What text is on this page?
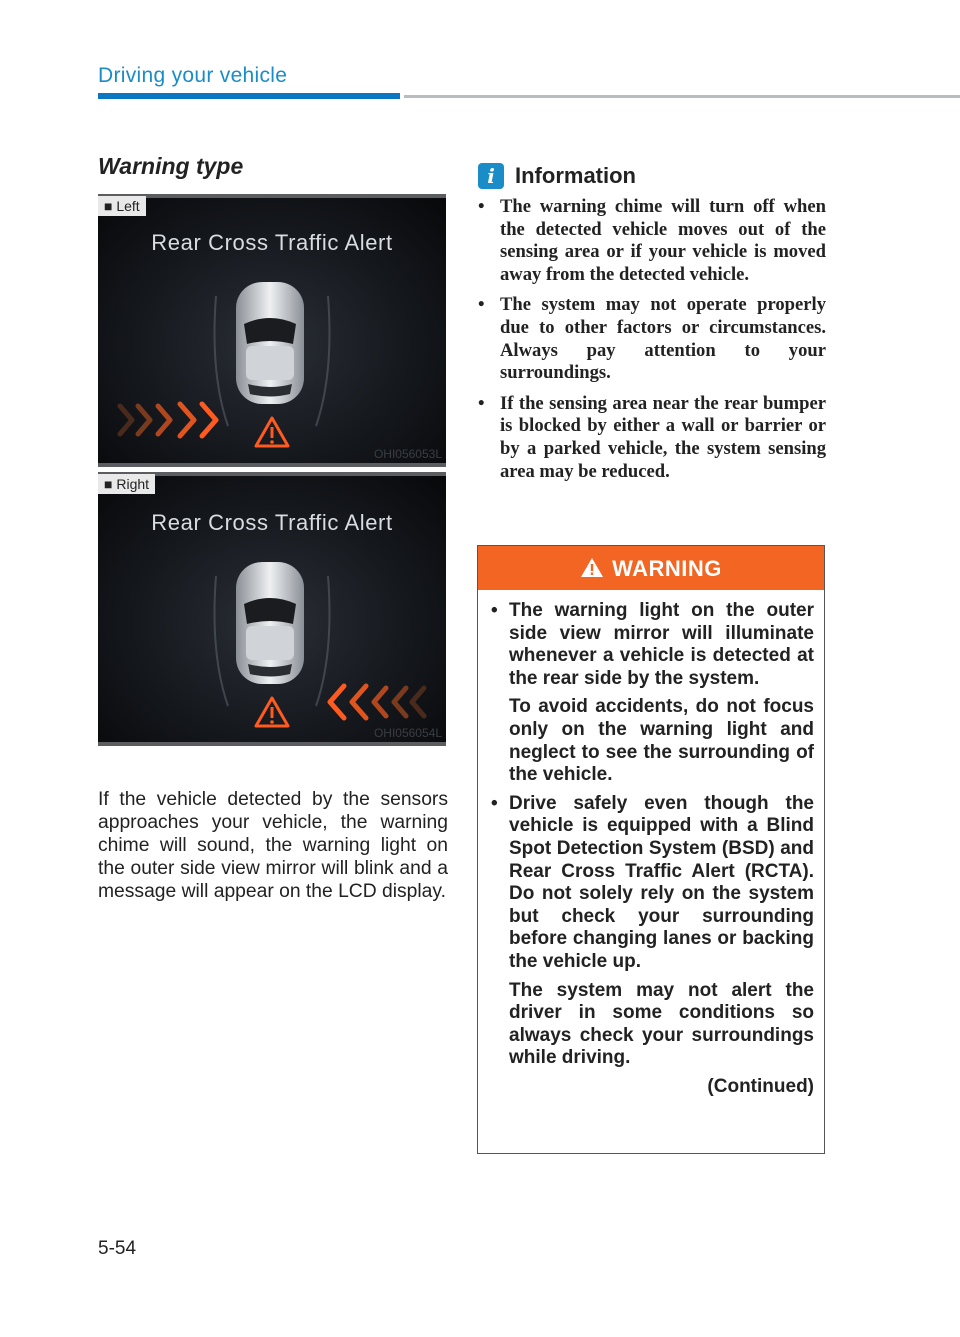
Driving your vehicle
Warning type
■ Left
Rear Cross Traffic Alert
OHI056053L
■ Right
Rear Cross Traffic Alert
OHI056054L
If the vehicle detected by the sensors approaches your vehicle, the warning chime will sound, the warning light on the outer side view mirror will blink and a message will appear on the LCD display.
i Information
• The warning chime will turn off when the detected vehicle moves out of the sensing area or if your vehicle is moved away from the detected vehicle.
• The system may not operate properly due to other factors or circumstances. Always pay attention to your surroundings.
• If the sensing area near the rear bumper is blocked by either a wall or barrier or by a parked vehicle, the system sensing area may be reduced.
WARNING
• The warning light on the outer side view mirror will illuminate whenever a vehicle is detected at the rear side by the system.
To avoid accidents, do not focus only on the warning light and neglect to see the surrounding of the vehicle.
• Drive safely even though the vehicle is equipped with a Blind Spot Detection System (BSD) and Rear Cross Traffic Alert (RCTA). Do not solely rely on the system but check your surrounding before changing lanes or backing the vehicle up.
The system may not alert the driver in some conditions so always check your surroundings while driving.
(Continued)
5-54
